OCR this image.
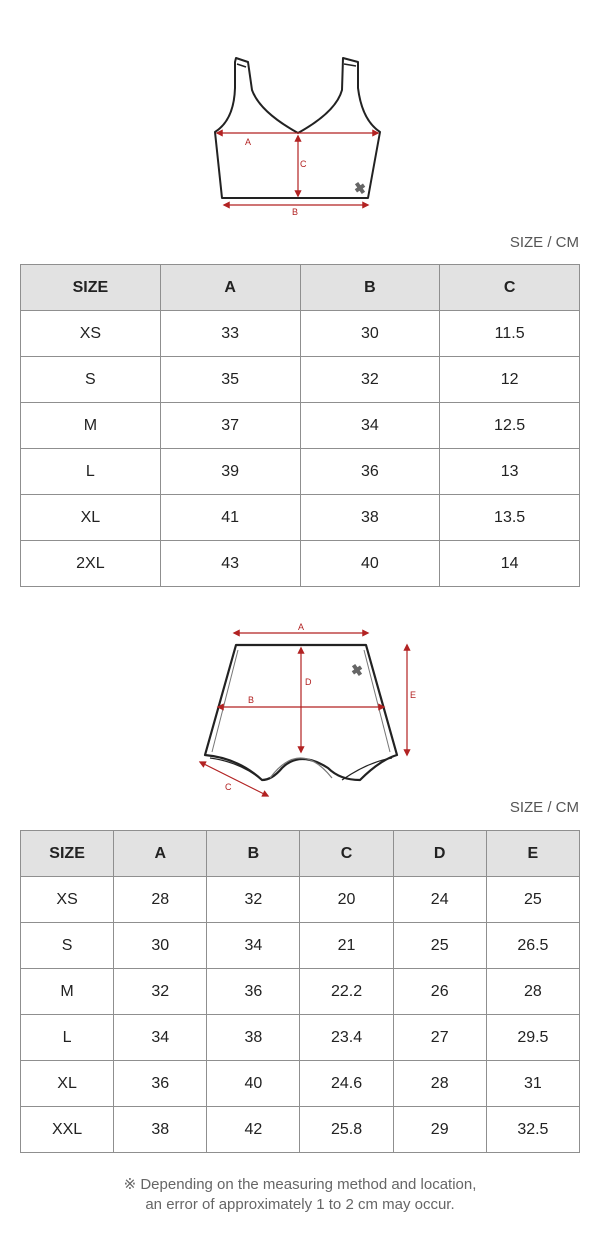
A
C
B
SIZE / CM
SIZE	A	B	C
XS	33	30	11.5
S	35	32	12
M	37	34	12.5
L	39	36	13
XL	41	38	13.5
2XL	43	40	14
A
D
B	E
C
SIZE / CM
SIZE	A	B	C	D	E
XS	28	32	20	24	25
S	30	34	21	25	26.5
M	32	36	22.2	26	28
L	34	38	23.4	27	29.5
XL	36	40	24.6	28	31
XXL	38	42	25.8	29	32.5
※ Depending on the measuring method and location,
an error of approximately 1 to 2 cm may occur.
